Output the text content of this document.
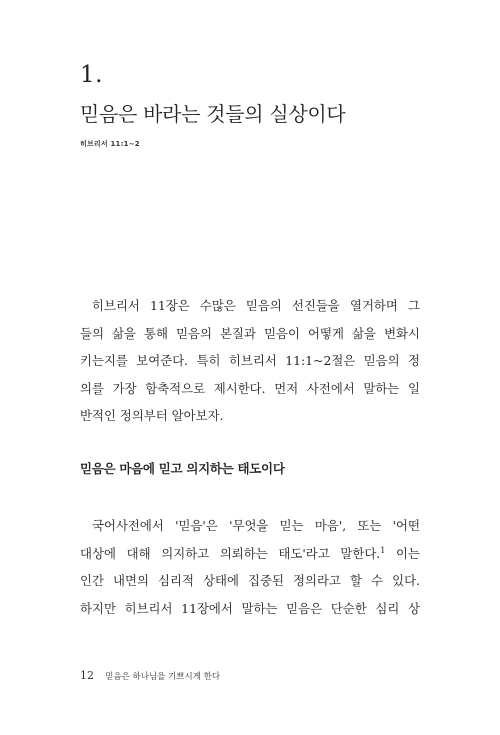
1.
믿음은 바라는 것들의 실상이다
히브리서 11:1~2

히브리서 11장은 수많은 믿음의 선진들을 열거하며 그
들의 삶을 통해 믿음의 본질과 믿음이 어떻게 삶을 변화시
키는지를 보여준다. 특히 히브리서 11:1~2절은 믿음의 정
의를 가장 함축적으로 제시한다. 먼저 사전에서 말하는 일
반적인 정의부터 알아보자.

믿음은 마음에 믿고 의지하는 태도이다

국어사전에서 '믿음'은 '무엇을 믿는 마음', 또는 '어떤
대상에 대해 의지하고 의뢰하는 태도'라고 말한다.$^1$ 이는
인간 내면의 심리적 상태에 집중된 정의라고 할 수 있다.
하지만 히브리서 11장에서 말하는 믿음은 단순한 심리 상

12 믿음은 하나님을 기쁘시게 한다
